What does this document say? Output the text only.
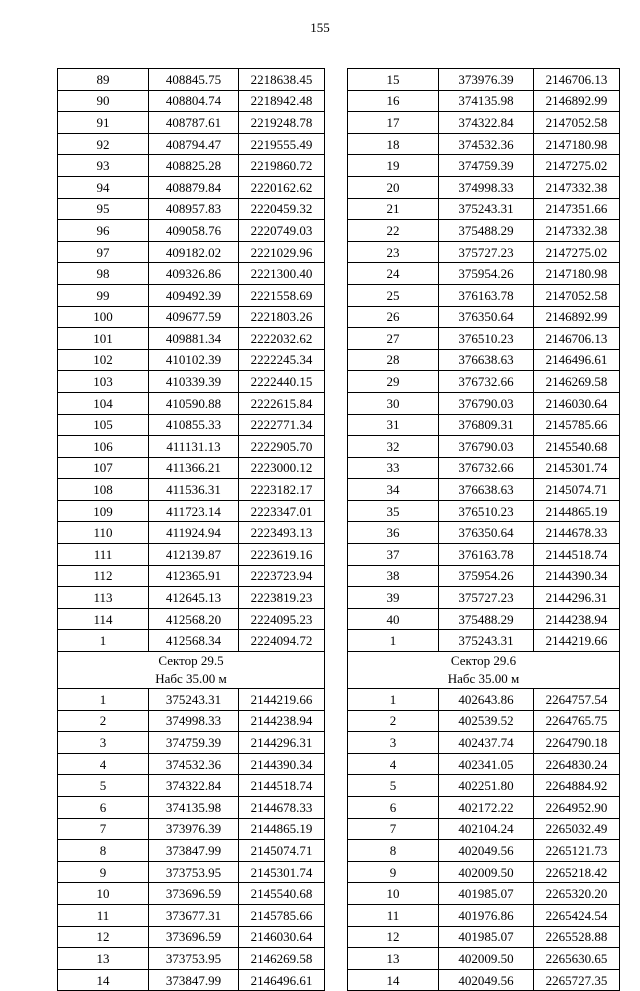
155
89	408845.75	2218638.45
90	408804.74	2218942.48
91	408787.61	2219248.78
92	408794.47	2219555.49
93	408825.28	2219860.72
94	408879.84	2220162.62
95	408957.83	2220459.32
96	409058.76	2220749.03
97	409182.02	2221029.96
98	409326.86	2221300.40
99	409492.39	2221558.69
100	409677.59	2221803.26
101	409881.34	2222032.62
102	410102.39	2222245.34
103	410339.39	2222440.15
104	410590.88	2222615.84
105	410855.33	2222771.34
106	411131.13	2222905.70
107	411366.21	2223000.12
108	411536.31	2223182.17
109	411723.14	2223347.01
110	411924.94	2223493.13
111	412139.87	2223619.16
112	412365.91	2223723.94
113	412645.13	2223819.23
114	412568.20	2224095.23
1	412568.34	2224094.72

Сектор 29.5
Набс 35.00 м		

1	375243.31	2144219.66
2	374998.33	2144238.94
3	374759.39	2144296.31
4	374532.36	2144390.34
5	374322.84	2144518.74
6	374135.98	2144678.33
7	373976.39	2144865.19
8	373847.99	2145074.71
9	373753.95	2145301.74
10	373696.59	2145540.68
11	373677.31	2145785.66
12	373696.59	2146030.64
13	373753.95	2146269.58
14	373847.99	2146496.61
15	373976.39	2146706.13
16	374135.98	2146892.99
17	374322.84	2147052.58
18	374532.36	2147180.98
19	374759.39	2147275.02
20	374998.33	2147332.38
21	375243.31	2147351.66
22	375488.29	2147332.38
23	375727.23	2147275.02
24	375954.26	2147180.98
25	376163.78	2147052.58
26	376350.64	2146892.99
27	376510.23	2146706.13
28	376638.63	2146496.61
29	376732.66	2146269.58
30	376790.03	2146030.64
31	376809.31	2145785.66
32	376790.03	2145540.68
33	376732.66	2145301.74
34	376638.63	2145074.71
35	376510.23	2144865.19
36	376350.64	2144678.33
37	376163.78	2144518.74
38	375954.26	2144390.34
39	375727.23	2144296.31
40	375488.29	2144238.94
1	375243.31	2144219.66

Сектор 29.6
Набс 35.00 м		

1	402643.86	2264757.54
2	402539.52	2264765.75
3	402437.74	2264790.18
4	402341.05	2264830.24
5	402251.80	2264884.92
6	402172.22	2264952.90
7	402104.24	2265032.49
8	402049.56	2265121.73
9	402009.50	2265218.42
10	401985.07	2265320.20
11	401976.86	2265424.54
12	401985.07	2265528.88
13	402009.50	2265630.65
14	402049.56	2265727.35
